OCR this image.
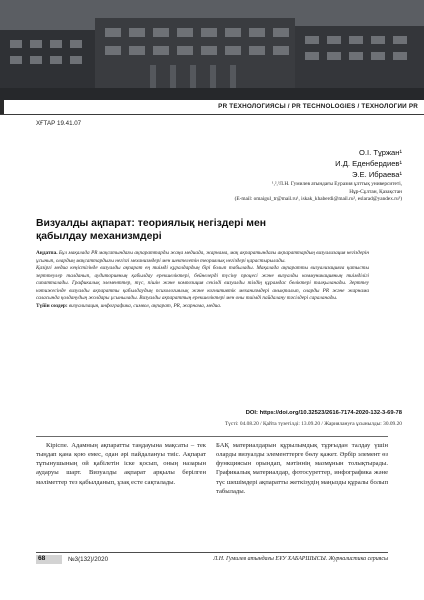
PR ТЕХНОЛОГИЯСЫ / PR TECHNOLOGIES / ТЕХНОЛОГИИ PR
ХҒТАР 19.41.07
О.І. Тұржан¹
И.Д. Еденбердиев¹
Э.Е. Ибраева¹
¹,²,³Л.Н. Гумилев атындағы Еуразия ұлттық университеті,
Нұр-Сұлтан, Қазақстан
(E-mail: omaigul_tr@mail.ru¹, iskak_khaberdi@mail.ru², eslarad@yandex.ru³)
Визуалды ақпарат: теориялық негіздері мен қабылдау механизмдері

Аңдатпа. Бұл мақалада PR мақсатындағы ақпараттарды жаңа медиада, жарнама, мақ ақпаратындағы ақпараттардың визуализация негіздерін ұсынып, олардың мақсаттардығы негізгі механизмдері мен шектелетін теориялық негіздері қарастырылады.

Қазіргі медиа кеңістігінде визуалды ақпарат ең тиімді құралдардың бірі болып табылады. Мақалада ақпаратты визуализацияға қатысты зерттеулер талданып, аудиторияның қабылдау ерекшеліктері, бейнелерді түсіну процесі және визуалды коммуникацияның тиімділігі сипатталады. Графикалық элементтер, түс, пішін және композиция секілді визуалды тілдің құрамдас бөліктері талқыланады. Зерттеу нәтижесінде визуалды ақпаратты қабылдаудың психологиялық және когнитивтік механизмдері анықталып, оларды PR және жарнама саласында қолданудың жолдары ұсынылады. Визуалды ақпараттың ерекшеліктері мен оны тиімді пайдалану тәсілдері сараланады.

Түйін сөздер: визуализация, инфографика, символ, ақпарат, PR, жарнама, медиа.

DOI: https://doi.org/10.32523/2616-7174-2020-132-3-69-78
Түсті: 04.08.20 / Қайта түзетілді: 13.09.20 / Жариялануға ұсынылды: 30.09.20

Кіріспе. Адамның ақпаратты таңдауына мақсаты – тек тыңдап қана қою емес, одан әрі пайдалануы тиіс. Ақпарат тұтынушының ой қабілетін іске қосып, оның назарын аударуы шарт. Визуалды ақпарат арқылы берілген мәліметтер тез қабылданып, ұзақ есте сақталады.

БАҚ материалдарын құрылымдық тұрғыдан талдау үшін оларды визуалды элементтерге бөлу қажет. Әрбір элемент өз функциясын орындап, мәтіннің мазмұнын толықтырады. Графикалық материалдар, фотосуреттер, инфографика және түс шешімдері ақпаратты жеткізудің маңызды құралы болып табылады.

68	№3(132)/2020	Л.Н. Гумилев атындағы ЕҰУ ХАБАРШЫСЫ. Журналистика сериясы
